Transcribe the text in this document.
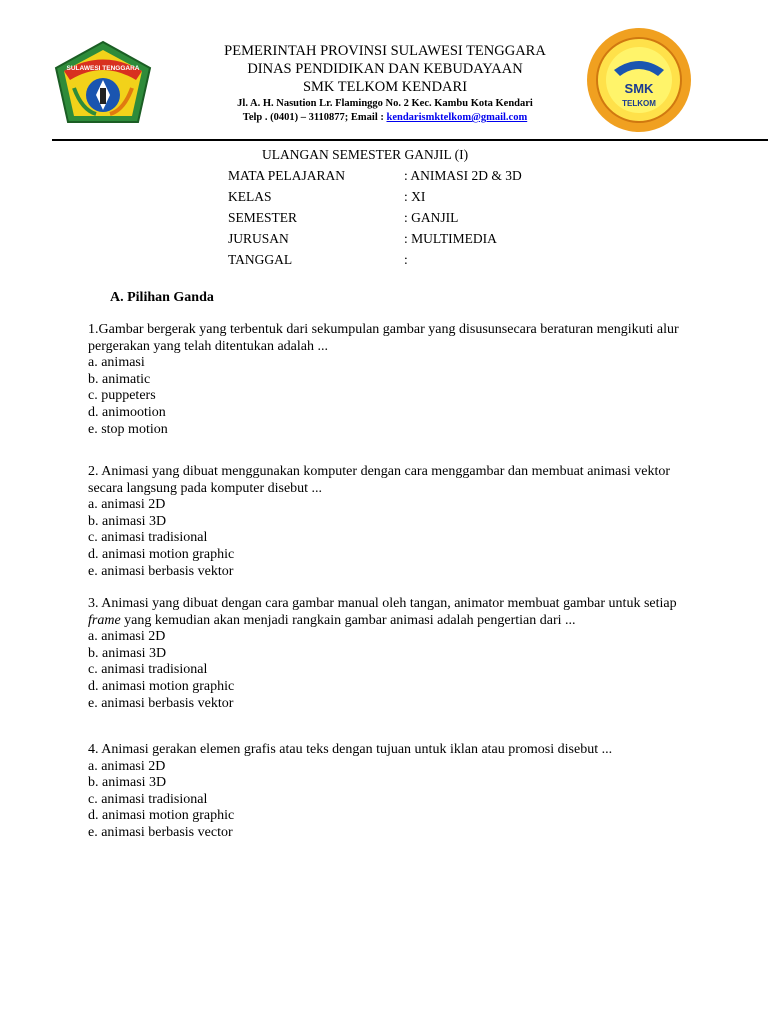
SULAWESI TENGGARA
PEMERINTAH PROVINSI SULAWESI TENGGARA
DINAS PENDIDIKAN DAN KEBUDAYAAN
SMK TELKOM KENDARI
Jl. A. H. Nasution Lr. Flaminggo No. 2 Kec. Kambu Kota Kendari
Telp . (0401) – 3110877; Email : kendarismktelkom@gmail.com
SMK
TELKOM
ULANGAN SEMESTER GANJIL (I)
MATA PELAJARAN	: ANIMASI 2D & 3D
KELAS	: XI
SEMESTER	: GANJIL
JURUSAN	: MULTIMEDIA
TANGGAL	:
A. Pilihan Ganda

1.Gambar bergerak yang terbentuk dari sekumpulan gambar yang disusunsecara beraturan mengikuti alur pergerakan yang telah ditentukan adalah ...

a. animasi
b. animatic
c. puppeters
d. animootion
e. stop motion

2. Animasi yang dibuat menggunakan komputer dengan cara menggambar dan membuat animasi vektor secara langsung pada komputer disebut ...

a. animasi 2D
b. animasi 3D
c. animasi tradisional
d. animasi motion graphic
e. animasi berbasis vektor

3. Animasi yang dibuat dengan cara gambar manual oleh tangan, animator membuat gambar untuk setiap frame yang kemudian akan menjadi rangkain gambar animasi adalah pengertian dari ...

a. animasi 2D
b. animasi 3D
c. animasi tradisional
d. animasi motion graphic
e. animasi berbasis vektor

4. Animasi gerakan elemen grafis atau teks dengan tujuan untuk iklan atau promosi disebut ...

a. animasi 2D
b. animasi 3D
c. animasi tradisional
d. animasi motion graphic
e. animasi berbasis vector
